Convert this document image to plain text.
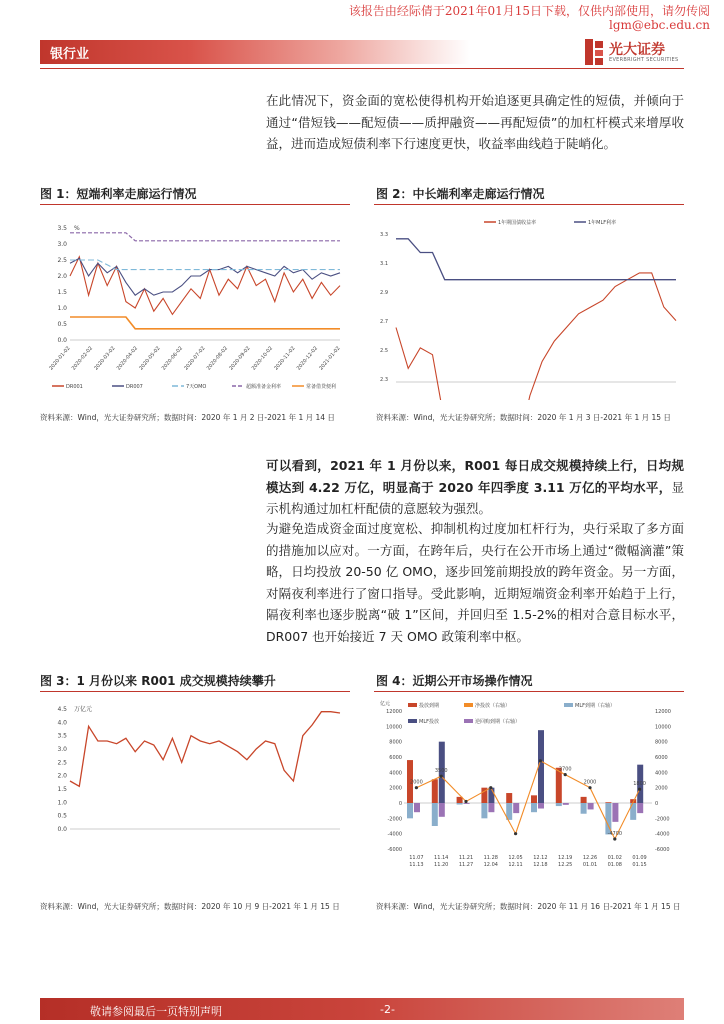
该报告由经际倩于2021年01月15日下载，仅供内部使用，请勿传阅
lgm@ebc.edu.cn
银行业	光大证券
EVERBRIGHT SECURITIES

在此情况下，资金面的宽松使得机构开始追逐更具确定性的短债，并倾向于通过“借短钱——配短债——质押融资——再配短债”的加杠杆模式来增厚收益，进而造成短债利率下行速度更快，收益率曲线趋于陡峭化。

图 1：短端利率走廊运行情况	图 2：中长端利率走廊运行情况
0.0
0.5
1.0
1.5
2.0
2.5
3.0
3.5 %
2020-01-02 2020-02-02 2020-03-02 2020-04-02 2020-05-02 2020-06-02 2020-07-02 2020-08-02 2020-09-02 2020-10-02 2020-11-02 2020-12-02 2021-01-02
DR001	DR007	7天OMO	超额准备金利率	常备借贷便利
1年期国债收益率	1年MLF利率
3.3
3.1
2.9
2.7
2.5
2.3
资料来源：Wind，光大证券研究所；数据时间：2020 年 1 月 2 日-2021 年 1 月 14 日	资料来源：Wind，光大证券研究所；数据时间：2020 年 1 月 3 日-2021 年 1 月 15 日

可以看到，2021 年 1 月份以来，R001 每日成交规模持续上行，日均规模达到 4.22 万亿，明显高于 2020 年四季度 3.11 万亿的平均水平，显示机构通过加杠杆配债的意愿较为强烈。

为避免造成资金面过度宽松、抑制机构过度加杠杆行为，央行采取了多方面的措施加以应对。一方面，在跨年后，央行在公开市场上通过“微幅滴灌”策略，日均投放 20-50 亿 OMO，逐步回笼前期投放的跨年资金。另一方面，对隔夜利率进行了窗口指导。受此影响，近期短端资金利率开始趋于上行，隔夜利率也逐步脱离“破 1”区间，并回归至 1.5-2%的相对合意目标水平，DR007 也开始接近 7 天 OMO 政策利率中枢。

图 3：1 月份以来 R001 成交规模持续攀升	图 4：近期公开市场操作情况
0.0
0.5
1.0
1.5
2.0
2.5
3.0
3.5
4.0
4.5 万亿元
-6000	-6000
-4000	-4000
-2000	-2000
0	0
2000	2000
4000	4000
6000	6000
8000	8000
10000	10000
12000	12000
亿元
11.07
11.13
11.14
11.20
11.21
11.27
11.28
12.04
12.05
12.11
12.12
12.18
12.19
12.25
12.26
01.01
01.02
01.08
01.09
01.15
2000
3500	3700
2000
-4700
1800
投放到期
MLF投放
MLF到期（右轴）
净投放（右轴）
逆回购到期（右轴）
资料来源：Wind，光大证券研究所；数据时间：2020 年 10 月 9 日-2021 年 1 月 15 日	资料来源：Wind，光大证券研究所；数据时间：2020 年 11 月 16 日-2021 年 1 月 15 日
敬请参阅最后一页特别声明	-2-
